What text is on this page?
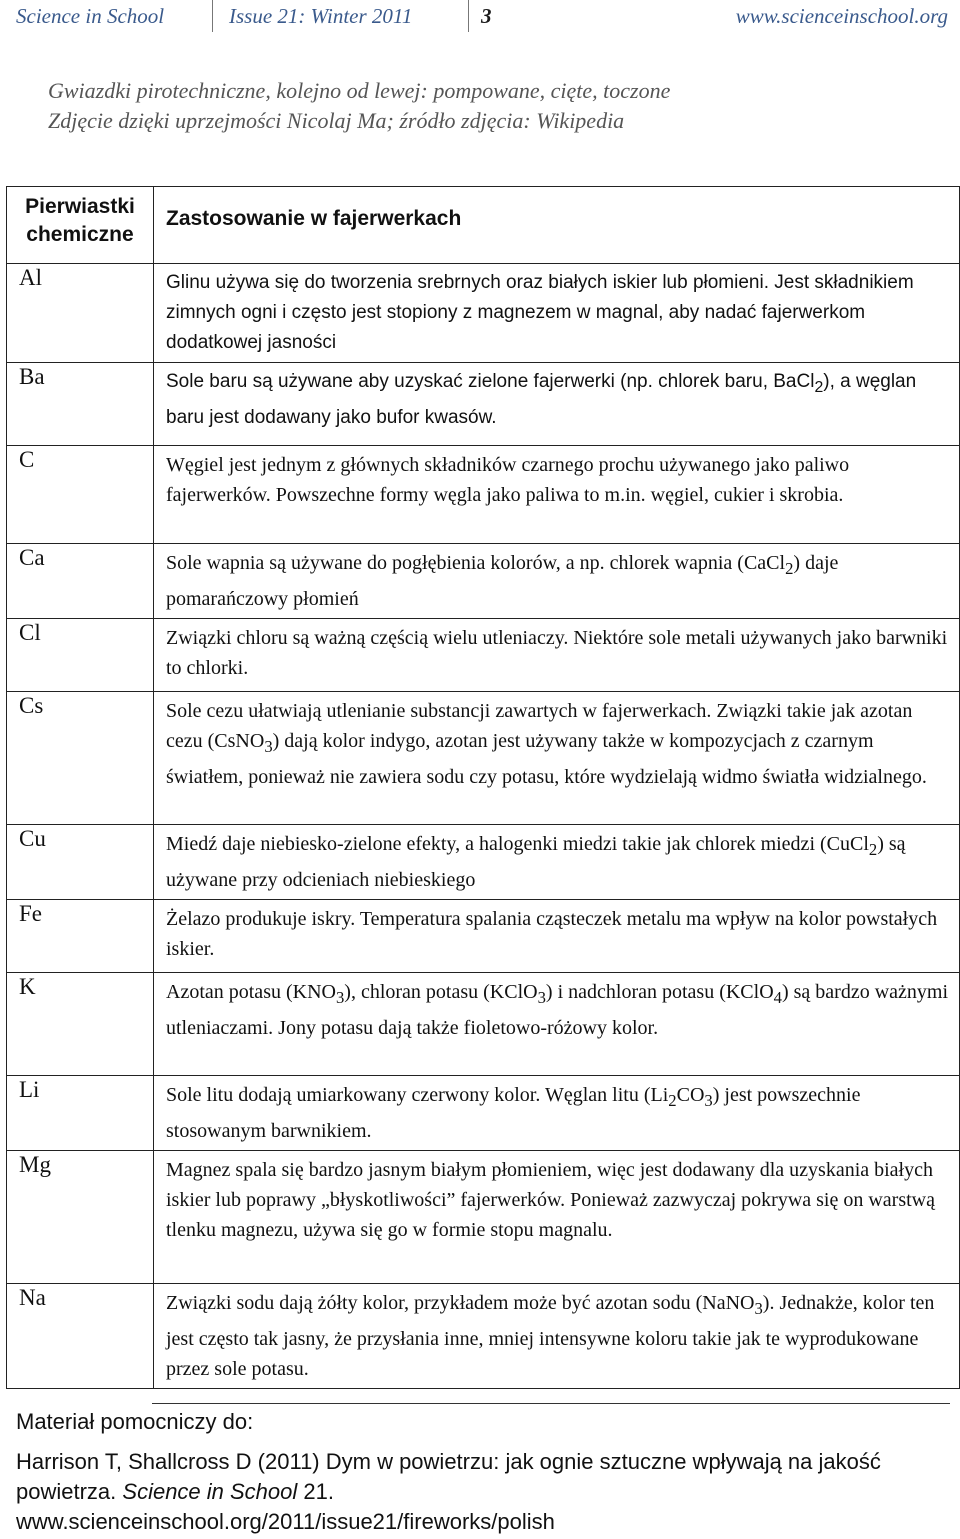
Science in School	Issue 21: Winter 2011	3	www.scienceinschool.org
Gwiazdki pirotechniczne, kolejno od lewej: pompowane, cięte, toczone
Zdjęcie dzięki uprzejmości Nicolaj Ma; źródło zdjęcia: Wikipedia
Pierwiastki chemiczne	Zastosowanie w fajerwerkach
Al	Glinu używa się do tworzenia srebrnych oraz białych iskier lub płomieni. Jest składnikiem zimnych ogni i często jest stopiony z magnezem w magnal, aby nadać fajerwerkom dodatkowej jasności
Ba	Sole baru są używane aby uzyskać zielone fajerwerki (np. chlorek baru, BaCl$_2$), a węglan baru jest dodawany jako bufor kwasów.
C	Węgiel jest jednym z głównych składników czarnego prochu używanego jako paliwo fajerwerków. Powszechne formy węgla jako paliwa to m.in. węgiel, cukier i skrobia.
Ca	Sole wapnia są używane do pogłębienia kolorów, a np. chlorek wapnia (CaCl$_2$) daje pomarańczowy płomień
Cl	Związki chloru są ważną częścią wielu utleniaczy. Niektóre sole metali używanych jako barwniki to chlorki.
Cs	Sole cezu ułatwiają utlenianie substancji zawartych w fajerwerkach. Związki takie jak azotan cezu (CsNO$_3$) dają kolor indygo, azotan jest używany także w kompozycjach z czarnym światłem, ponieważ nie zawiera sodu czy potasu, które wydzielają widmo światła widzialnego.
Cu	Miedź daje niebiesko-zielone efekty, a halogenki miedzi takie jak chlorek miedzi (CuCl$_2$) są używane przy odcieniach niebieskiego
Fe	Żelazo produkuje iskry. Temperatura spalania cząsteczek metalu ma wpływ na kolor powstałych iskier.
K	Azotan potasu $(KNO_3)$, chloran potasu (KClO$_3$) i nadchloran potasu (KClO$_4$) są bardzo ważnymi utleniaczami. Jony potasu dają także fioletowo-różowy kolor.
Li	Sole litu dodają umiarkowany czerwony kolor. Węglan litu $(Li_2CO_3)$ jest powszechnie stosowanym barwnikiem.
Mg	Magnez spala się bardzo jasnym białym płomieniem, więc jest dodawany dla uzyskania białych iskier lub poprawy „błyskotliwości” fajerwerków. Ponieważ zazwyczaj pokrywa się on warstwą tlenku magnezu, używa się go w formie stopu magnalu.
Na	Związki sodu dają żółty kolor, przykładem może być azotan sodu (NaNO$_3$). Jednakże, kolor ten jest często tak jasny, że przysłania inne, mniej intensywne koloru takie jak te wyprodukowane przez sole potasu.
Materiał pomocniczy do:
Harrison T, Shallcross D (2011) Dym w powietrzu: jak ognie sztuczne wpływają na jakość powietrza. Science in School 21.
www.scienceinschool.org/2011/issue21/fireworks/polish
